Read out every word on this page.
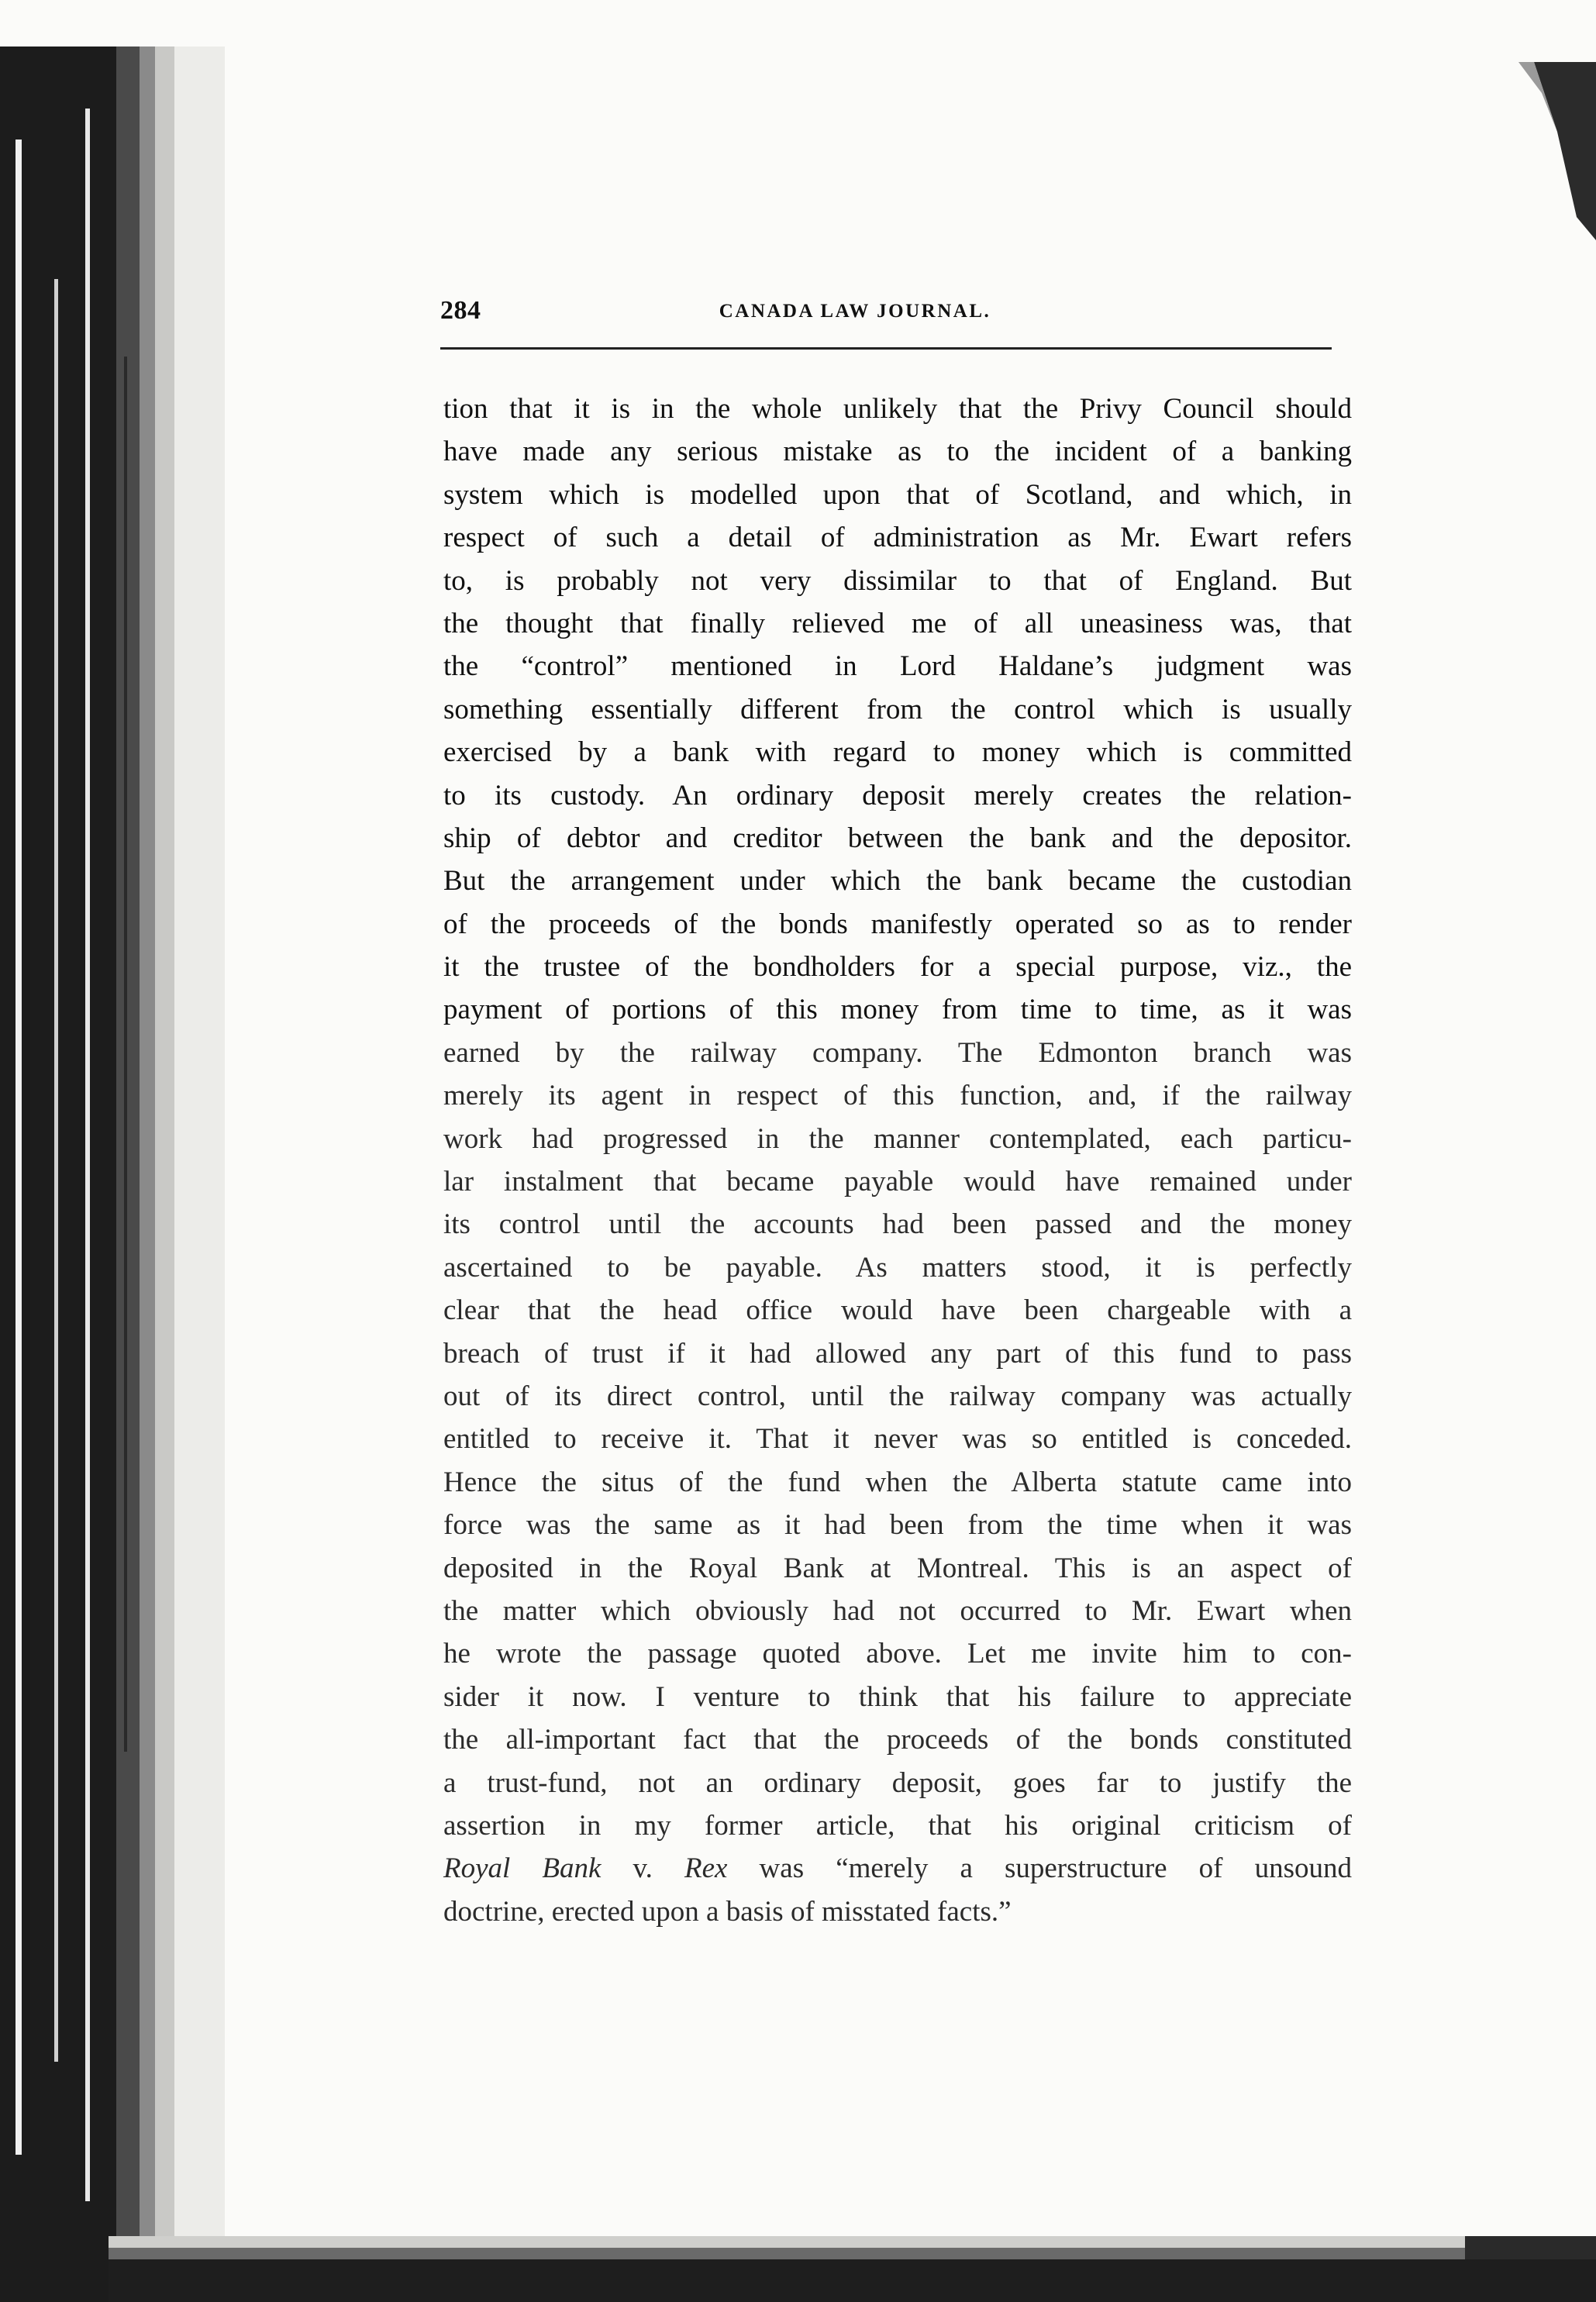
284	CANADA LAW JOURNAL.
tion that it is in the whole unlikely that the Privy Council should
have made any serious mistake as to the incident of a banking
system which is modelled upon that of Scotland, and which, in
respect of such a detail of administration as Mr. Ewart refers
to, is probably not very dissimilar to that of England. But
the thought that finally relieved me of all uneasiness was, that
the “control” mentioned in Lord Haldane’s judgment was
something essentially different from the control which is usually
exercised by a bank with regard to money which is committed
to its custody. An ordinary deposit merely creates the relation-
ship of debtor and creditor between the bank and the depositor.
But the arrangement under which the bank became the custodian
of the proceeds of the bonds manifestly operated so as to render
it the trustee of the bondholders for a special purpose, viz., the
payment of portions of this money from time to time, as it was
earned by the railway company. The Edmonton branch was
merely its agent in respect of this function, and, if the railway
work had progressed in the manner contemplated, each particu-
lar instalment that became payable would have remained under
its control until the accounts had been passed and the money
ascertained to be payable. As matters stood, it is perfectly
clear that the head office would have been chargeable with a
breach of trust if it had allowed any part of this fund to pass
out of its direct control, until the railway company was actually
entitled to receive it. That it never was so entitled is conceded.
Hence the situs of the fund when the Alberta statute came into
force was the same as it had been from the time when it was
deposited in the Royal Bank at Montreal. This is an aspect of
the matter which obviously had not occurred to Mr. Ewart when
he wrote the passage quoted above. Let me invite him to con-
sider it now. I venture to think that his failure to appreciate
the all-important fact that the proceeds of the bonds constituted
a trust-fund, not an ordinary deposit, goes far to justify the
assertion in my former article, that his original criticism of
Royal Bank v. Rex was “merely a superstructure of unsound
doctrine, erected upon a basis of misstated facts.”
